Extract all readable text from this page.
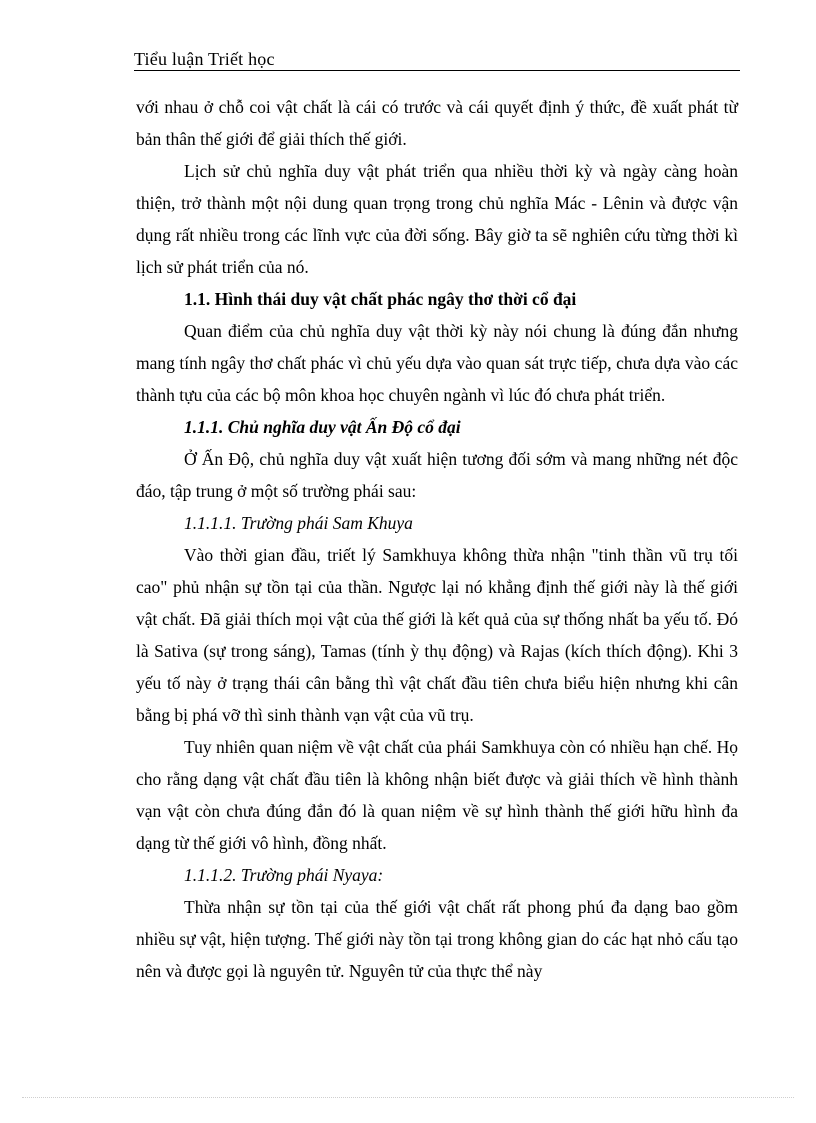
Tiểu luận Triết học

với nhau ở chỗ coi vật chất là cái có trước và cái quyết định ý thức, đề xuất phát từ bản thân thế giới để giải thích thế giới.

Lịch sử chủ nghĩa duy vật phát triển qua nhiều thời kỳ và ngày càng hoàn thiện, trở thành một nội dung quan trọng trong chủ nghĩa Mác - Lênin và được vận dụng rất nhiều trong các lĩnh vực của đời sống. Bây giờ ta sẽ nghiên cứu từng thời kì lịch sử phát triển của nó.

1.1. Hình thái duy vật chất phác ngây thơ thời cổ đại

Quan điểm của chủ nghĩa duy vật thời kỳ này nói chung là đúng đắn nhưng mang tính ngây thơ chất phác vì chủ yếu dựa vào quan sát trực tiếp, chưa dựa vào các thành tựu của các bộ môn khoa học chuyên ngành vì lúc đó chưa phát triển.

1.1.1. Chủ nghĩa duy vật Ấn Độ cổ đại

Ở Ấn Độ, chủ nghĩa duy vật xuất hiện tương đối sớm và mang những nét độc đáo, tập trung ở một số trường phái sau:

1.1.1.1. Trường phái Sam Khuya

Vào thời gian đầu, triết lý Samkhuya không thừa nhận "tinh thần vũ trụ tối cao" phủ nhận sự tồn tại của thần. Ngược lại nó khẳng định thế giới này là thế giới vật chất. Đã giải thích mọi vật của thế giới là kết quả của sự thống nhất ba yếu tố. Đó là Sativa (sự trong sáng), Tamas (tính ỳ thụ động) và Rajas (kích thích động). Khi 3 yếu tố này ở trạng thái cân bằng thì vật chất đầu tiên chưa biểu hiện nhưng khi cân bằng bị phá vỡ thì sinh thành vạn vật của vũ trụ.

Tuy nhiên quan niệm về vật chất của phái Samkhuya còn có nhiều hạn chế. Họ cho rằng dạng vật chất đầu tiên là không nhận biết được và giải thích về hình thành vạn vật còn chưa đúng đắn đó là quan niệm về sự hình thành thế giới hữu hình đa dạng từ thế giới vô hình, đồng nhất.

1.1.1.2. Trường phái Nyaya:

Thừa nhận sự tồn tại của thế giới vật chất rất phong phú đa dạng bao gồm nhiều sự vật, hiện tượng. Thế giới này tồn tại trong không gian do các hạt nhỏ cấu tạo nên và được gọi là nguyên tử. Nguyên tử của thực thể này
